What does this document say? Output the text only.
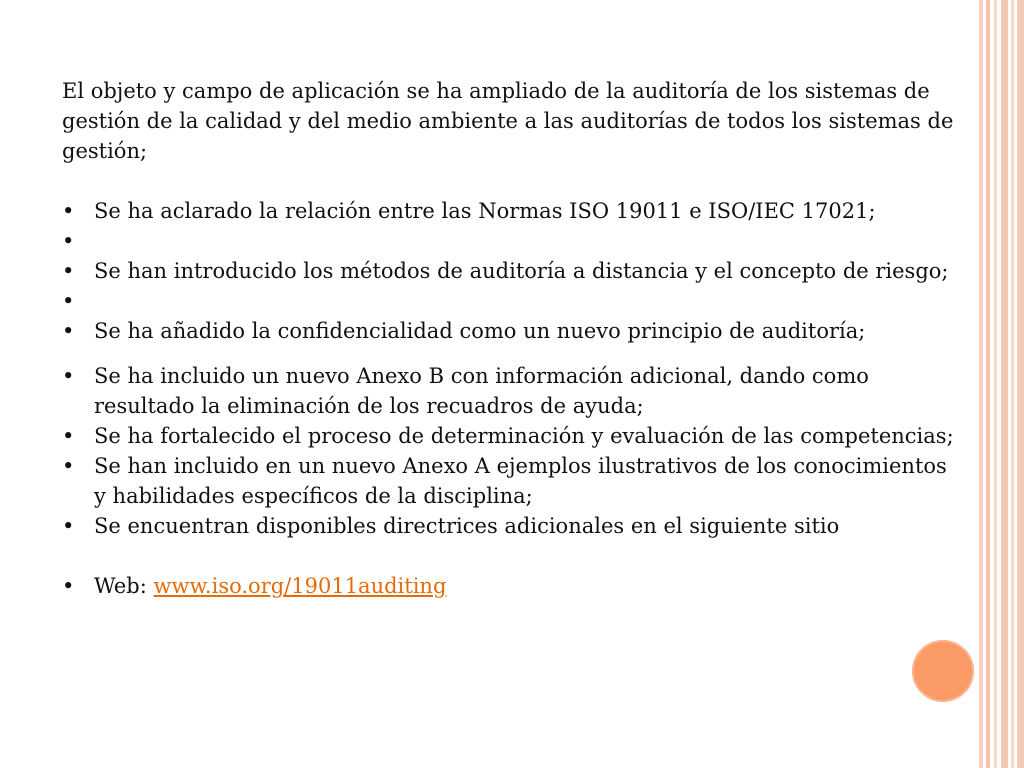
El objeto y campo de aplicación se ha ampliado de la auditoría de los sistemas de gestión de la calidad y del medio ambiente a las auditorías de todos los sistemas de gestión;

• Se ha aclarado la relación entre las Normas ISO 19011 e ISO/IEC 17021;
•
• Se han introducido los métodos de auditoría a distancia y el concepto de riesgo;
•
• Se ha añadido la confidencialidad como un nuevo principio de auditoría;
• Se ha incluido un nuevo Anexo B con información adicional, dando como resultado la eliminación de los recuadros de ayuda;
• Se ha fortalecido el proceso de determinación y evaluación de las competencias;
• Se han incluido en un nuevo Anexo A ejemplos ilustrativos de los conocimientos y habilidades específicos de la disciplina;
• Se encuentran disponibles directrices adicionales en el siguiente sitio
• Web: www.iso.org/19011auditing
